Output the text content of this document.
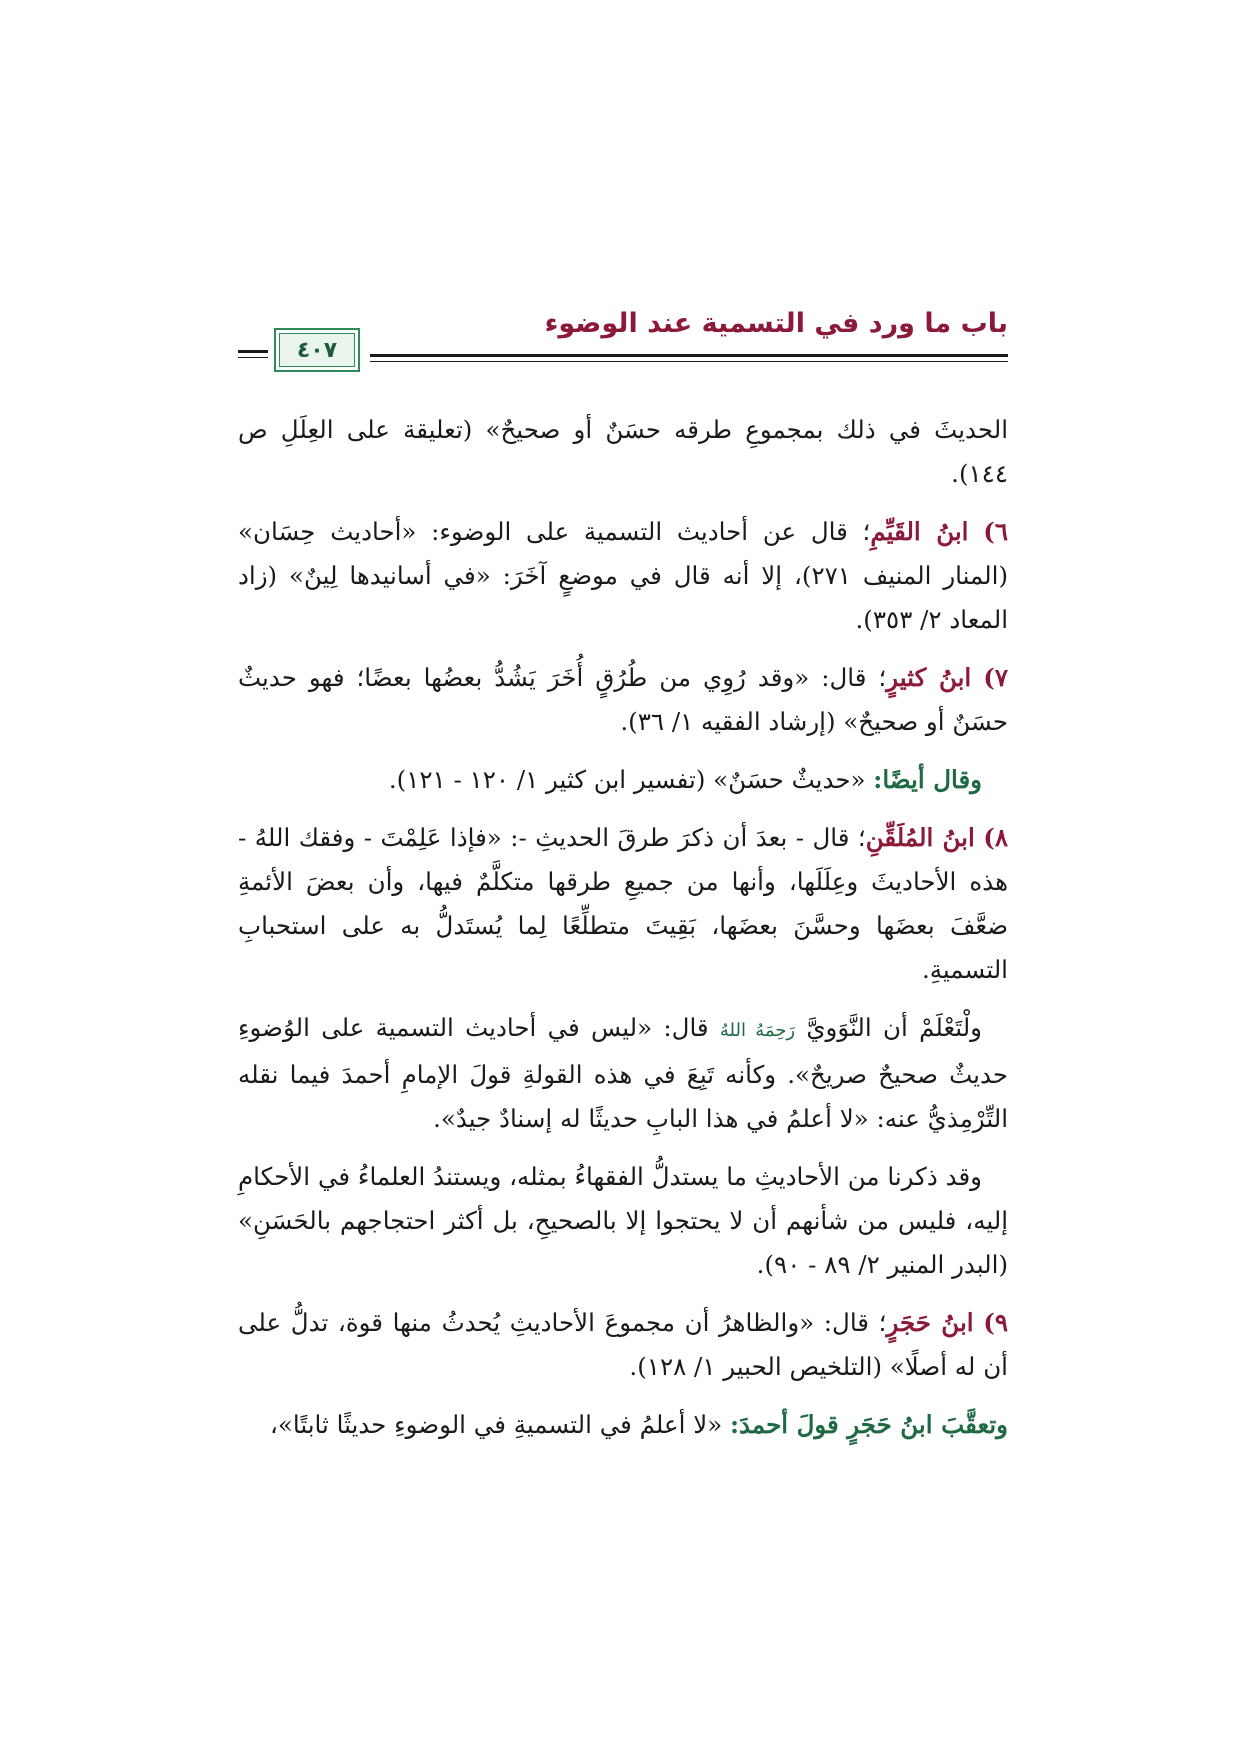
باب ما ورد في التسمية عند الوضوء
٤٠٧

الحديثَ في ذلك بمجموعِ طرقه حسَنٌ أو صحيحٌ» (تعليقة على العِلَلِ ص ١٤٤).

٦) ابنُ القَيِّمِ؛ قال عن أحاديث التسمية على الوضوء: «أحاديث حِسَان» (المنار المنيف ٢٧١)، إلا أنه قال في موضعٍ آخَرَ: «في أسانيدها لِينٌ» (زاد المعاد ٢/ ٣٥٣).

٧) ابنُ كثيرٍ؛ قال: «وقد رُوِي من طُرُقٍ أُخَرَ يَشُدُّ بعضُها بعضًا؛ فهو حديثٌ حسَنٌ أو صحيحٌ» (إرشاد الفقيه ١/ ٣٦).

وقال أيضًا: «حديثٌ حسَنٌ» (تفسير ابن كثير ١/ ١٢٠ - ١٢١).

٨) ابنُ المُلَقِّنِ؛ قال - بعدَ أن ذكرَ طرقَ الحديثِ -: «فإذا عَلِمْتَ - وفقك اللهُ - هذه الأحاديثَ وعِلَلَها، وأنها من جميعِ طرقها متكلَّمٌ فيها، وأن بعضَ الأئمةِ ضعَّفَ بعضَها وحسَّنَ بعضَها، بَقِيتَ متطلِّعًا لِما يُستَدلُّ به على استحبابِ التسميةِ.

ولْتَعْلَمْ أن النَّوَويَّ رَحِمَهُ اللهُ قال: «ليس في أحاديث التسمية على الوُضوءِ حديثٌ صحيحٌ صريحٌ». وكأنه تَبِعَ في هذه القولةِ قولَ الإمامِ أحمدَ فيما نقله التِّرْمِذيُّ عنه: «لا أعلمُ في هذا البابِ حديثًا له إسنادٌ جيدٌ».

وقد ذكرنا من الأحاديثِ ما يستدلُّ الفقهاءُ بمثله، ويستندُ العلماءُ في الأحكامِ إليه، فليس من شأنهم أن لا يحتجوا إلا بالصحيحِ، بل أكثر احتجاجهم بالحَسَنِ» (البدر المنير ٢/ ٨٩ - ٩٠).

٩) ابنُ حَجَرٍ؛ قال: «والظاهرُ أن مجموعَ الأحاديثِ يُحدثُ منها قوة، تدلُّ على أن له أصلًا» (التلخيص الحبير ١/ ١٢٨).

وتعقَّبَ ابنُ حَجَرٍ قولَ أحمدَ: «لا أعلمُ في التسميةِ في الوضوءِ حديثًا ثابتًا»،
